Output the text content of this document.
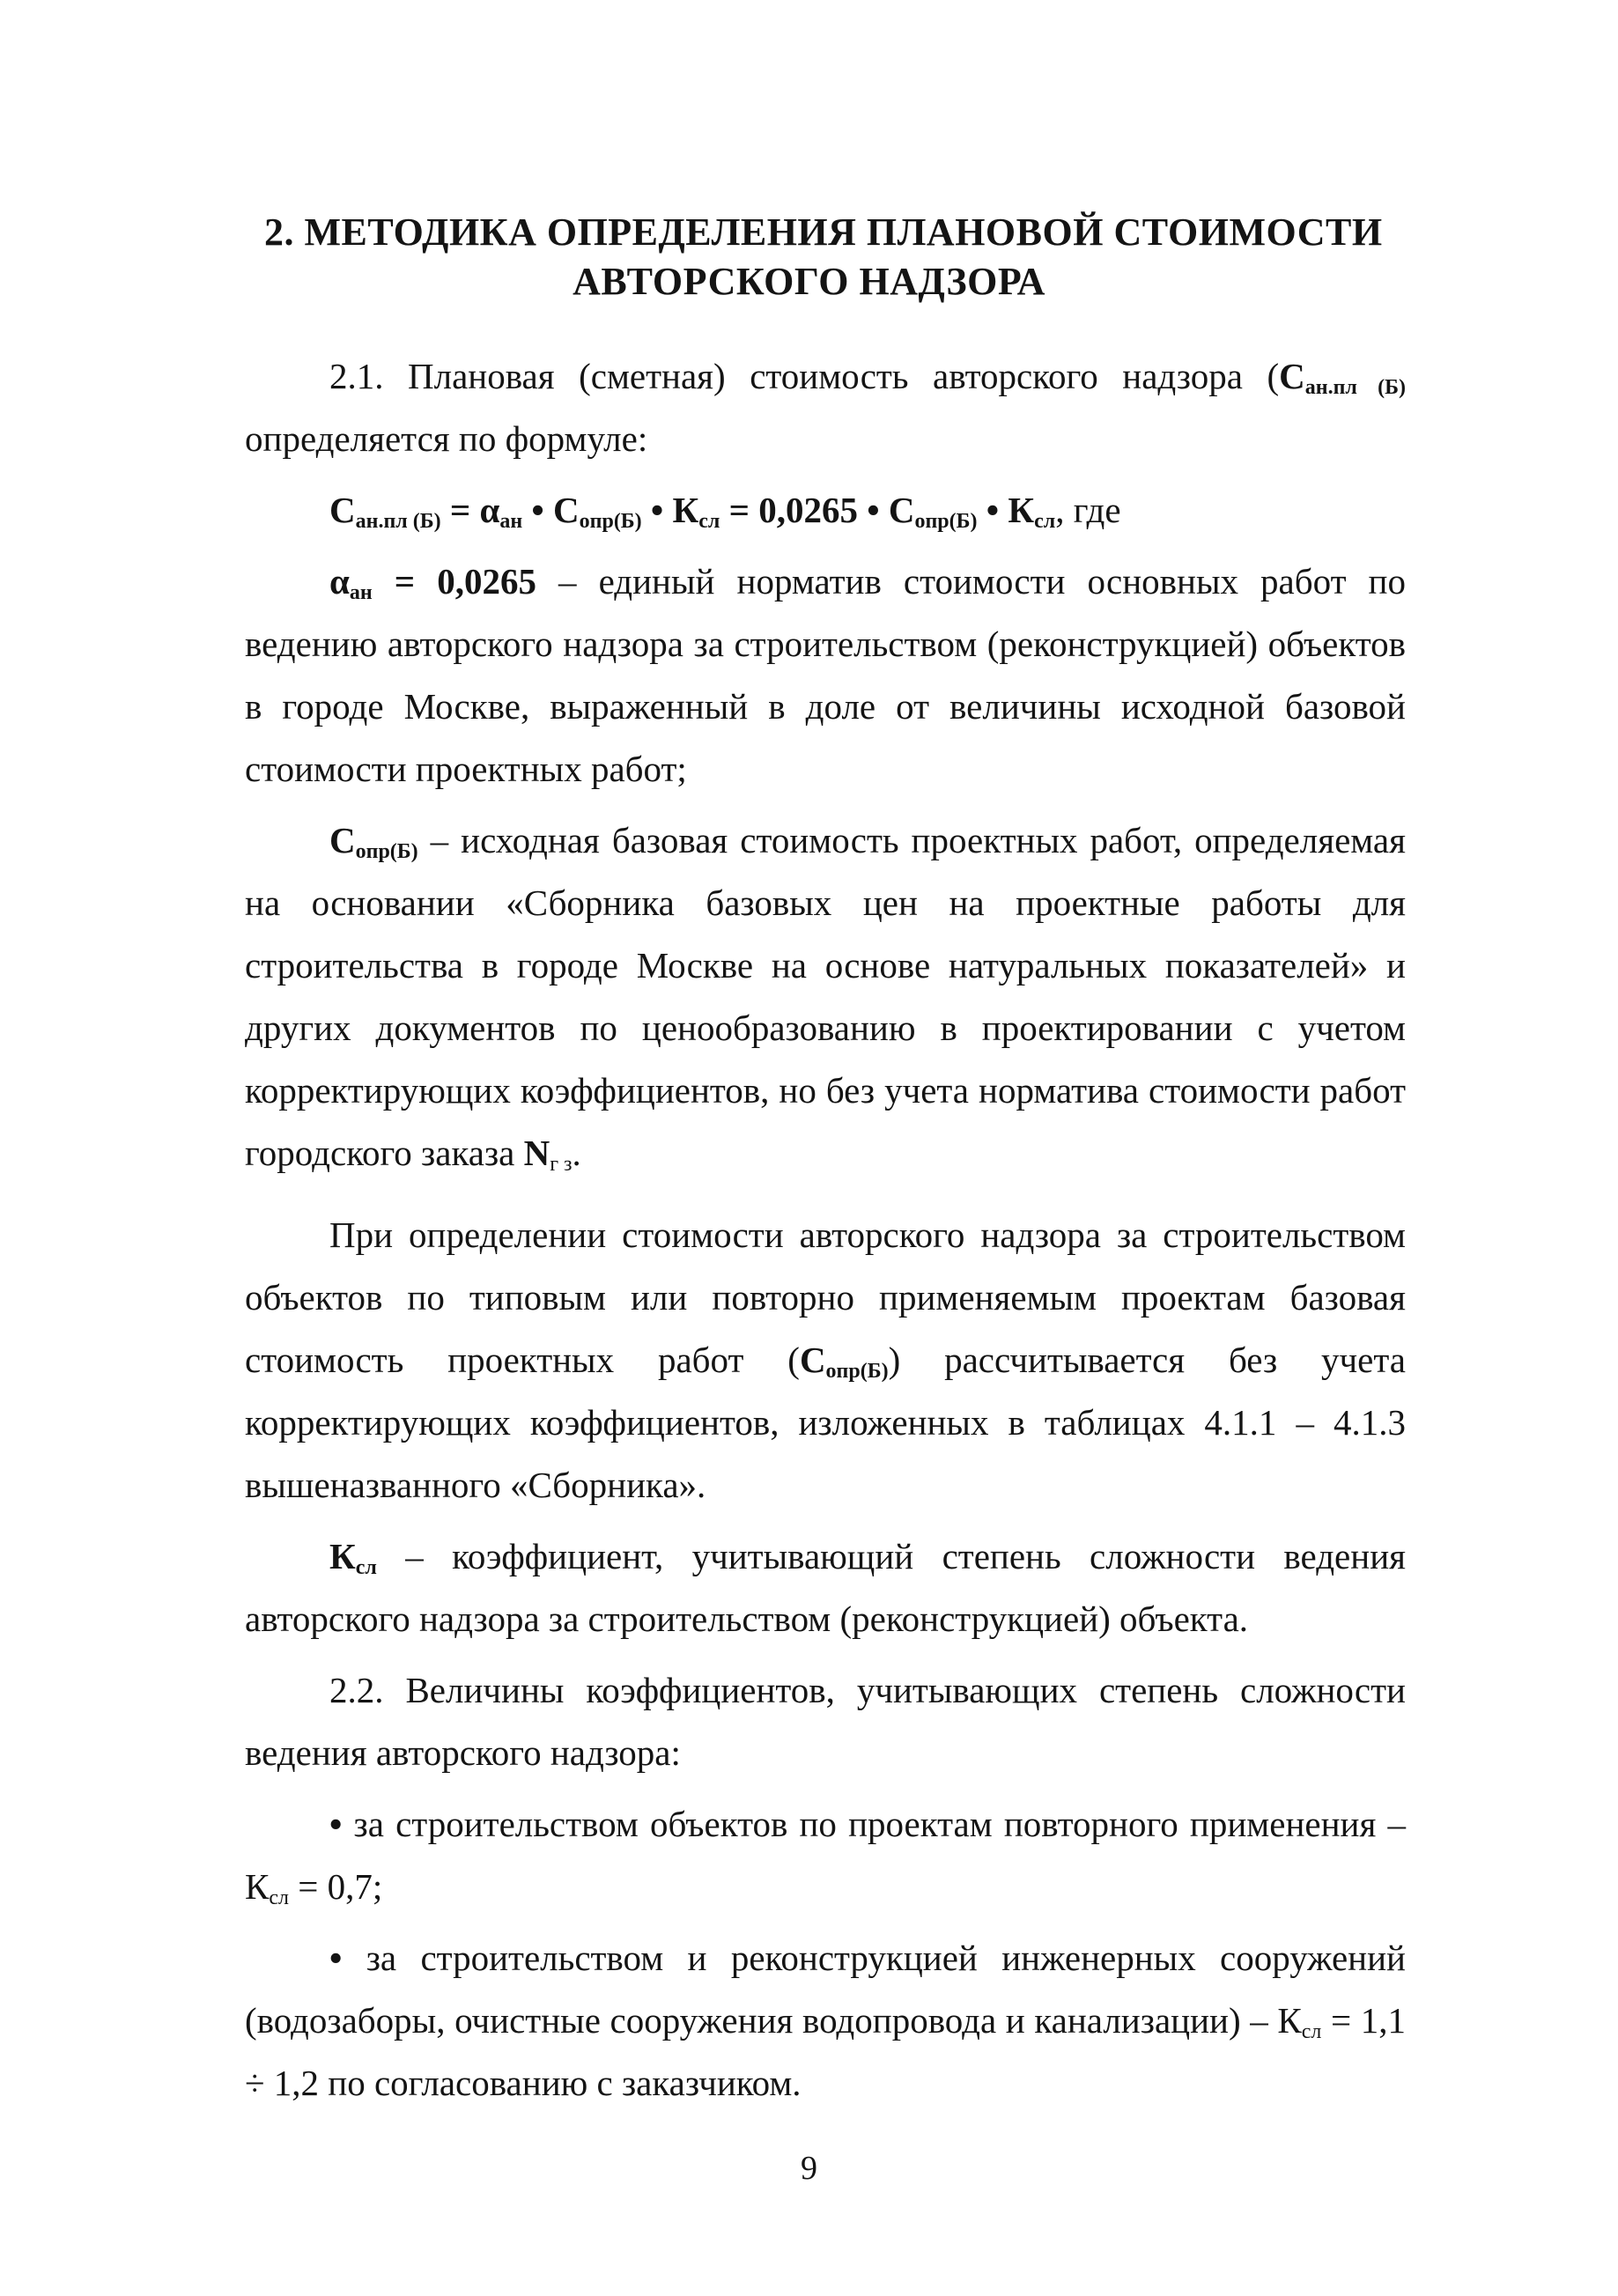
2. МЕТОДИКА ОПРЕДЕЛЕНИЯ ПЛАНОВОЙ СТОИМОСТИ
АВТОРСКОГО НАДЗОРА

2.1. Плановая (сметная) стоимость авторского надзора ($С_{ан.пл (Б)}$ определяется по формуле:

$С_{ан.пл (Б)} = \alpha_{ан}$ • $С_{опр(Б)}$ • $К_{сл} = 0,0265$ • $С_{опр(Б)}$ • $К_{сл}$, где

$\alpha_{ан} = 0,0265$ – единый норматив стоимости основных работ по ведению авторского надзора за строительством (реконструкцией) объектов в городе Москве, выраженный в доле от величины исходной базовой стоимости проектных работ;

$С_{опр(Б)}$ – исходная базовая стоимость проектных работ, определяемая на основании «Сборника базовых цен на проектные работы для строительства в городе Москве на основе натуральных показателей» и других документов по ценообразованию в проектировании с учетом корректирующих коэффициентов, но без учета норматива стоимости работ городского заказа $N_{г з}$.

При определении стоимости авторского надзора за строительством объектов по типовым или повторно применяемым проектам базовая стоимость проектных работ $(С_{опр(Б)})$ рассчитывается без учета корректирующих коэффициентов, изложенных в таблицах 4.1.1 – 4.1.3 вышеназванного «Сборника».

$К_{сл}$ – коэффициент, учитывающий степень сложности ведения авторского надзора за строительством (реконструкцией) объекта.

2.2. Величины коэффициентов, учитывающих степень сложности ведения авторского надзора:

• за строительством объектов по проектам повторного применения – $К_{сл} = 0,7$;

• за строительством и реконструкцией инженерных сооружений (водозаборы, очистные сооружения водопровода и канализации) – $К_{сл} = 1,1 \div 1,2$ по согласованию с заказчиком.

9
